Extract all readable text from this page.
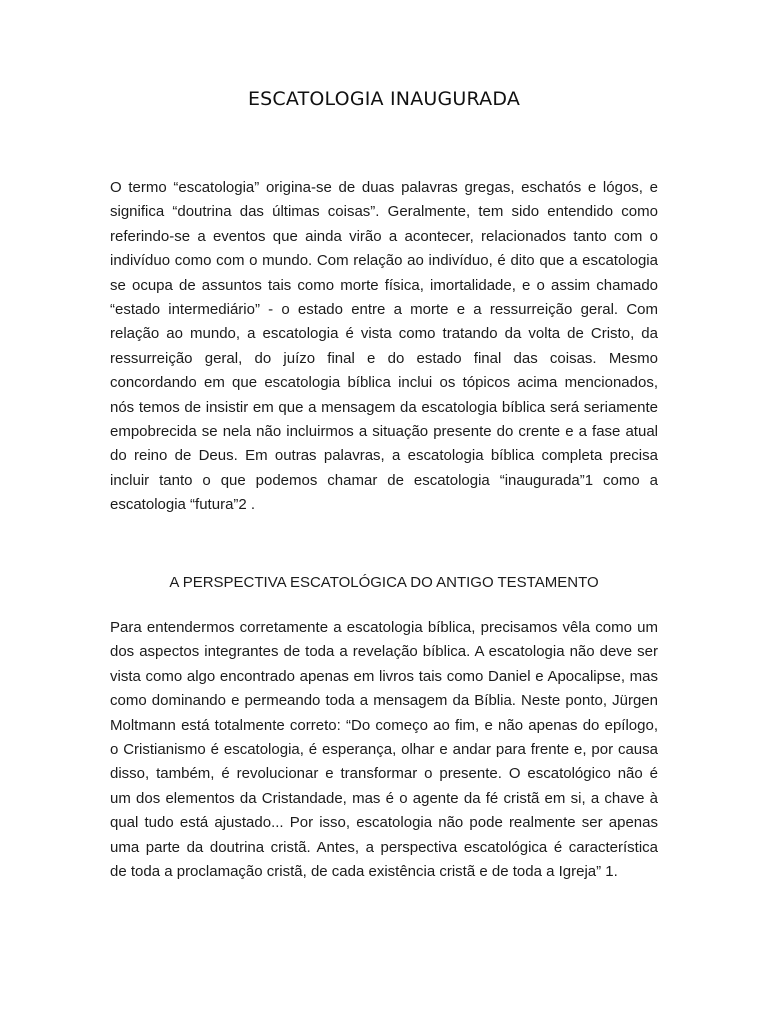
ESCATOLOGIA INAUGURADA
O termo “escatologia” origina-se de duas palavras gregas, eschatós e lógos, e
significa “doutrina das últimas coisas”. Geralmente, tem sido entendido como
referindo-se a eventos que ainda virão a acontecer, relacionados tanto com o
indivíduo como com o mundo. Com relação ao indivíduo, é dito que a escatologia
se ocupa de assuntos tais como morte física, imortalidade, e o assim chamado
“estado intermediário” - o estado entre a morte e a ressurreição geral. Com
relação ao mundo, a escatologia é vista como tratando da volta de Cristo, da
ressurreição geral, do juízo final e do estado final das coisas. Mesmo
concordando em que escatologia bíblica inclui os tópicos acima mencionados,
nós temos de insistir em que a mensagem da escatologia bíblica será seriamente
empobrecida se nela não incluirmos a situação presente do crente e a fase atual
do reino de Deus. Em outras palavras, a escatologia bíblica completa precisa
incluir tanto o que podemos chamar de escatologia “inaugurada”1 como a
escatologia “futura”2 .
A PERSPECTIVA ESCATOLÓGICA DO ANTIGO TESTAMENTO
Para entendermos corretamente a escatologia bíblica, precisamos vêla como um
dos aspectos integrantes de toda a revelação bíblica. A escatologia não deve ser
vista como algo encontrado apenas em livros tais como Daniel e Apocalipse, mas
como dominando e permeando toda a mensagem da Bíblia. Neste ponto, Jürgen
Moltmann está totalmente correto: “Do começo ao fim, e não apenas do epílogo,
o Cristianismo é escatologia, é esperança, olhar e andar para frente e, por causa
disso, também, é revolucionar e transformar o presente. O escatológico não é
um dos elementos da Cristandade, mas é o agente da fé cristã em si, a chave à
qual tudo está ajustado... Por isso, escatologia não pode realmente ser apenas
uma parte da doutrina cristã. Antes, a perspectiva escatológica é característica
de toda a proclamação cristã, de cada existência cristã e de toda a Igreja” 1.
